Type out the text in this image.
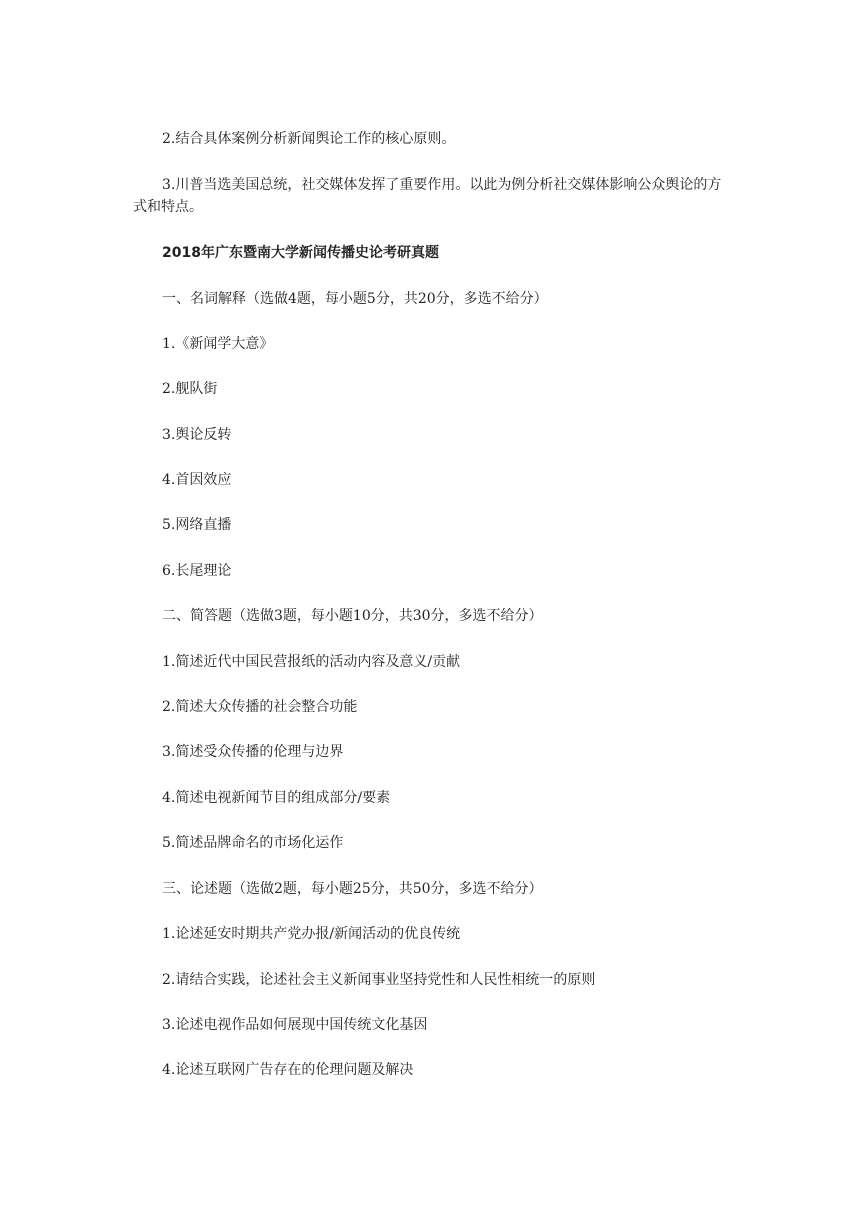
2.结合具体案例分析新闻舆论工作的核心原则。

3.川普当选美国总统，社交媒体发挥了重要作用。以此为例分析社交媒体影响公众舆论的方式和特点。

2018年广东暨南大学新闻传播史论考研真题

一、名词解释（选做4题，每小题5分，共20分，多选不给分）

1.《新闻学大意》

2.舰队街

3.舆论反转

4.首因效应

5.网络直播

6.长尾理论

二、简答题（选做3题，每小题10分，共30分，多选不给分）

1.简述近代中国民营报纸的活动内容及意义/贡献

2.简述大众传播的社会整合功能

3.简述受众传播的伦理与边界

4.简述电视新闻节目的组成部分/要素

5.简述品牌命名的市场化运作

三、论述题（选做2题，每小题25分，共50分，多选不给分）

1.论述延安时期共产党办报/新闻活动的优良传统

2.请结合实践，论述社会主义新闻事业坚持党性和人民性相统一的原则

3.论述电视作品如何展现中国传统文化基因

4.论述互联网广告存在的伦理问题及解决
